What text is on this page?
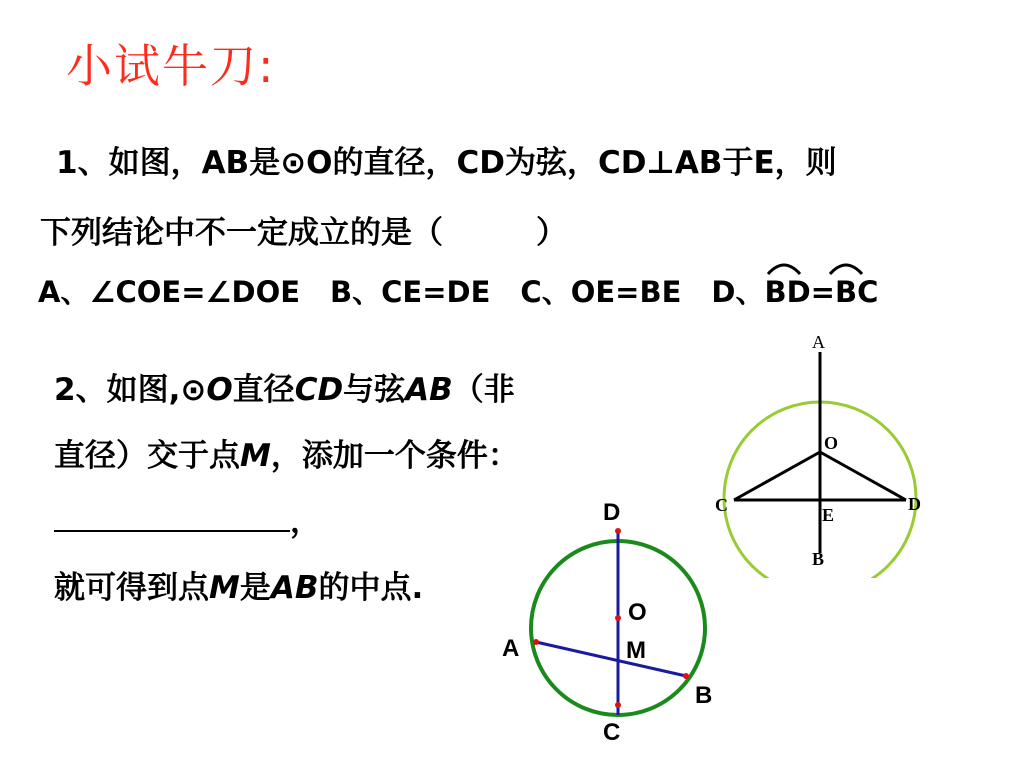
小试牛刀:
1、如图，AB是⊙O的直径，CD为弦，CD⊥AB于E，则
下列结论中不一定成立的是（　　　）
A、∠COE=∠DOE B、CE=DE C、OE=BE D、
BD=BC
2、如图,⊙O直径CD与弦AB（非
直径）交于点M，添加一个条件：
，
就可得到点M是AB的中点.
A
O
C	D
E
B
D
O
M
A
B
C
